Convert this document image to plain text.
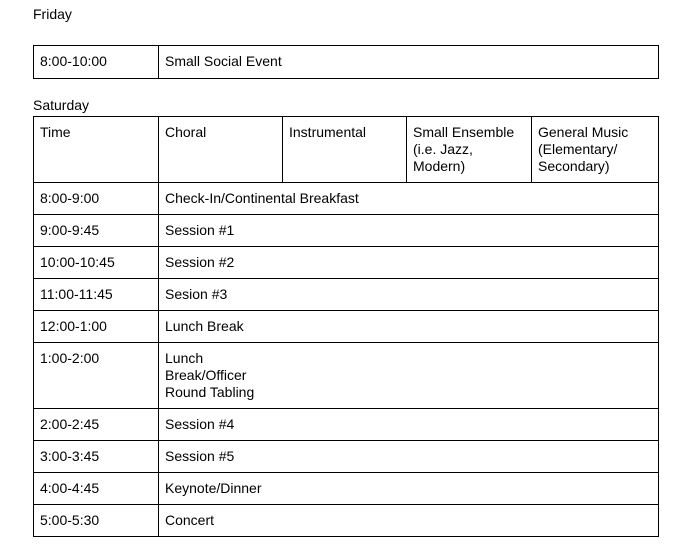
Friday
8:00-10:00	Small Social Event
Saturday
Time	Choral	Instrumental	Small Ensemble (i.e. Jazz, Modern)	General Music (Elementary/ Secondary)
8:00-9:00	Check-In/Continental Breakfast			
9:00-9:45	Session #1			
10:00-10:45	Session #2			
11:00-11:45	Sesion #3			
12:00-1:00	Lunch Break			
1:00-2:00	Lunch Break/Officer Round Tabling			

2:00-2:45	Session #4			
3:00-3:45	Session #5			
4:00-4:45	Keynote/Dinner			
5:00-5:30	Concert			
